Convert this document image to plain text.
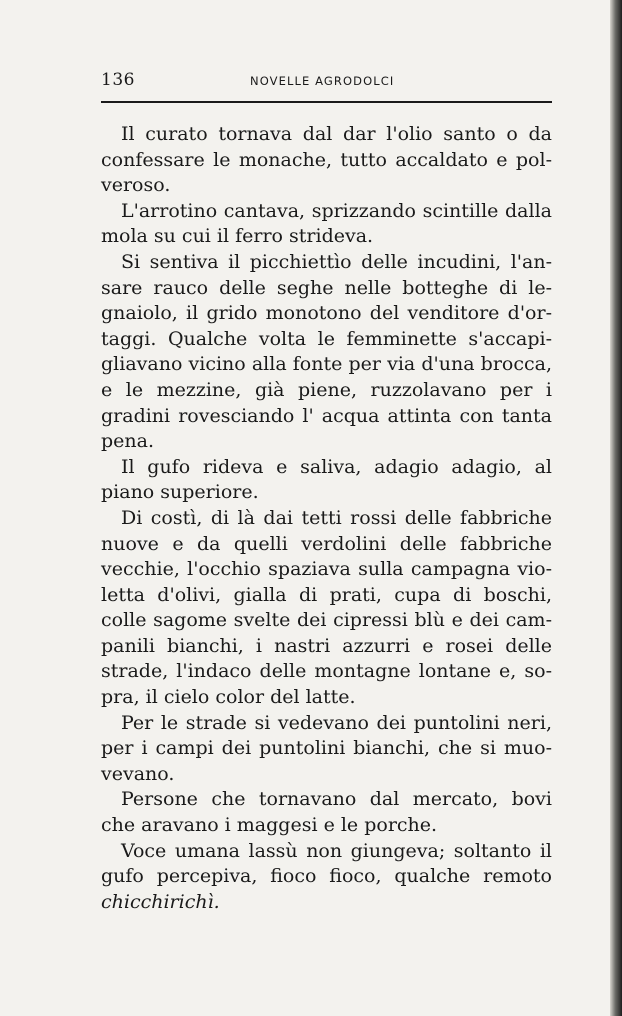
136	NOVELLE AGRODOLCI

Il curato tornava dal dar l'olio santo o da confessare le monache, tutto accaldato e polveroso.

L'arrotino cantava, sprizzando scintille dalla mola su cui il ferro strideva.

Si sentiva il picchiettìo delle incudini, l'ansare rauco delle seghe nelle botteghe di legnaiolo, il grido monotono del venditore d'ortaggi. Qualche volta le femminette s'accapigliavano vicino alla fonte per via d'una brocca, e le mezzine, già piene, ruzzolavano per i gradini rovesciando l' acqua attinta con tanta pena.

Il gufo rideva e saliva, adagio adagio, al piano superiore.

Di costì, di là dai tetti rossi delle fabbriche nuove e da quelli verdolini delle fabbriche vecchie, l'occhio spaziava sulla campagna violetta d'olivi, gialla di prati, cupa di boschi, colle sagome svelte dei cipressi blù e dei campanili bianchi, i nastri azzurri e rosei delle strade, l'indaco delle montagne lontane e, sopra, il cielo color del latte.

Per le strade si vedevano dei puntolini neri, per i campi dei puntolini bianchi, che si muovevano.

Persone che tornavano dal mercato, bovi che aravano i maggesi e le porche.

Voce umana lassù non giungeva; soltanto il gufo percepiva, fioco fioco, qualche remoto chicchirichì.
